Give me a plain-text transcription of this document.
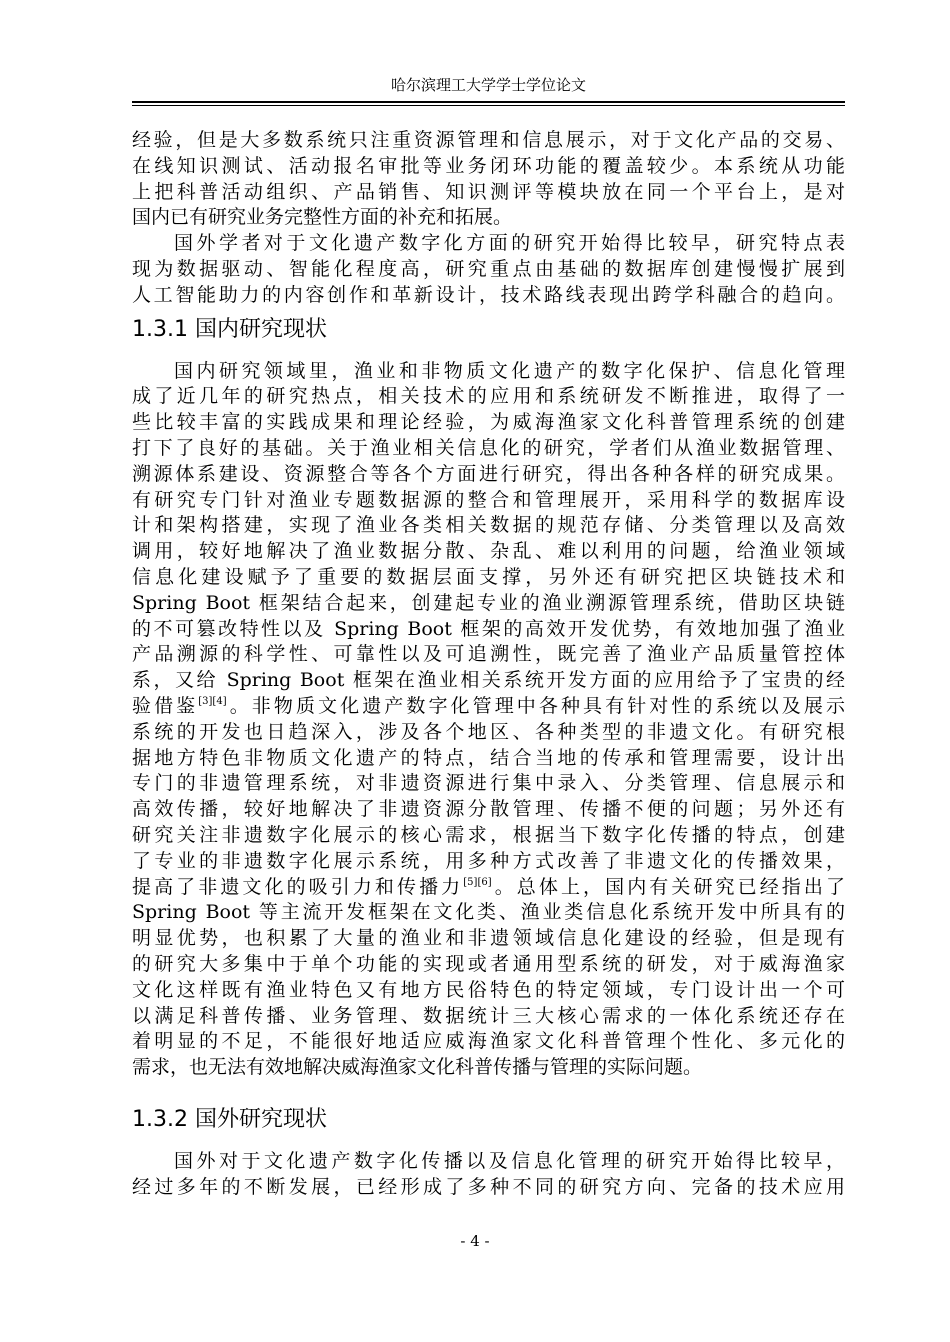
哈尔滨理工大学学士学位论文
经验，但是大多数系统只注重资源管理和信息展示，对于文化产品的交易、
在线知识测试、活动报名审批等业务闭环功能的覆盖较少。本系统从功能
上把科普活动组织、产品销售、知识测评等模块放在同一个平台上，是对
国内已有研究业务完整性方面的补充和拓展。
国外学者对于文化遗产数字化方面的研究开始得比较早，研究特点表
现为数据驱动、智能化程度高，研究重点由基础的数据库创建慢慢扩展到
人工智能助力的内容创作和革新设计，技术路线表现出跨学科融合的趋向。
1.3.1 国内研究现状
国内研究领域里，渔业和非物质文化遗产的数字化保护、信息化管理
成了近几年的研究热点，相关技术的应用和系统研发不断推进，取得了一
些比较丰富的实践成果和理论经验，为威海渔家文化科普管理系统的创建
打下了良好的基础。关于渔业相关信息化的研究，学者们从渔业数据管理、
溯源体系建设、资源整合等各个方面进行研究，得出各种各样的研究成果。
有研究专门针对渔业专题数据源的整合和管理展开，采用科学的数据库设
计和架构搭建，实现了渔业各类相关数据的规范存储、分类管理以及高效
调用，较好地解决了渔业数据分散、杂乱、难以利用的问题，给渔业领域
信息化建设赋予了重要的数据层面支撑，另外还有研究把区块链技术和
Spring Boot 框架结合起来，创建起专业的渔业溯源管理系统，借助区块链
的不可篡改特性以及 Spring Boot 框架的高效开发优势，有效地加强了渔业
产品溯源的科学性、可靠性以及可追溯性，既完善了渔业产品质量管控体
系，又给 Spring Boot 框架在渔业相关系统开发方面的应用给予了宝贵的经
验借鉴[3][4]。非物质文化遗产数字化管理中各种具有针对性的系统以及展示
系统的开发也日趋深入，涉及各个地区、各种类型的非遗文化。有研究根
据地方特色非物质文化遗产的特点，结合当地的传承和管理需要，设计出
专门的非遗管理系统，对非遗资源进行集中录入、分类管理、信息展示和
高效传播，较好地解决了非遗资源分散管理、传播不便的问题；另外还有
研究关注非遗数字化展示的核心需求，根据当下数字化传播的特点，创建
了专业的非遗数字化展示系统，用多种方式改善了非遗文化的传播效果，
提高了非遗文化的吸引力和传播力[5][6]。总体上，国内有关研究已经指出了
Spring Boot 等主流开发框架在文化类、渔业类信息化系统开发中所具有的
明显优势，也积累了大量的渔业和非遗领域信息化建设的经验，但是现有
的研究大多集中于单个功能的实现或者通用型系统的研发，对于威海渔家
文化这样既有渔业特色又有地方民俗特色的特定领域，专门设计出一个可
以满足科普传播、业务管理、数据统计三大核心需求的一体化系统还存在
着明显的不足，不能很好地适应威海渔家文化科普管理个性化、多元化的
需求，也无法有效地解决威海渔家文化科普传播与管理的实际问题。
1.3.2 国外研究现状
国外对于文化遗产数字化传播以及信息化管理的研究开始得比较早，
经过多年的不断发展，已经形成了多种不同的研究方向、完备的技术应用
- 4 -
